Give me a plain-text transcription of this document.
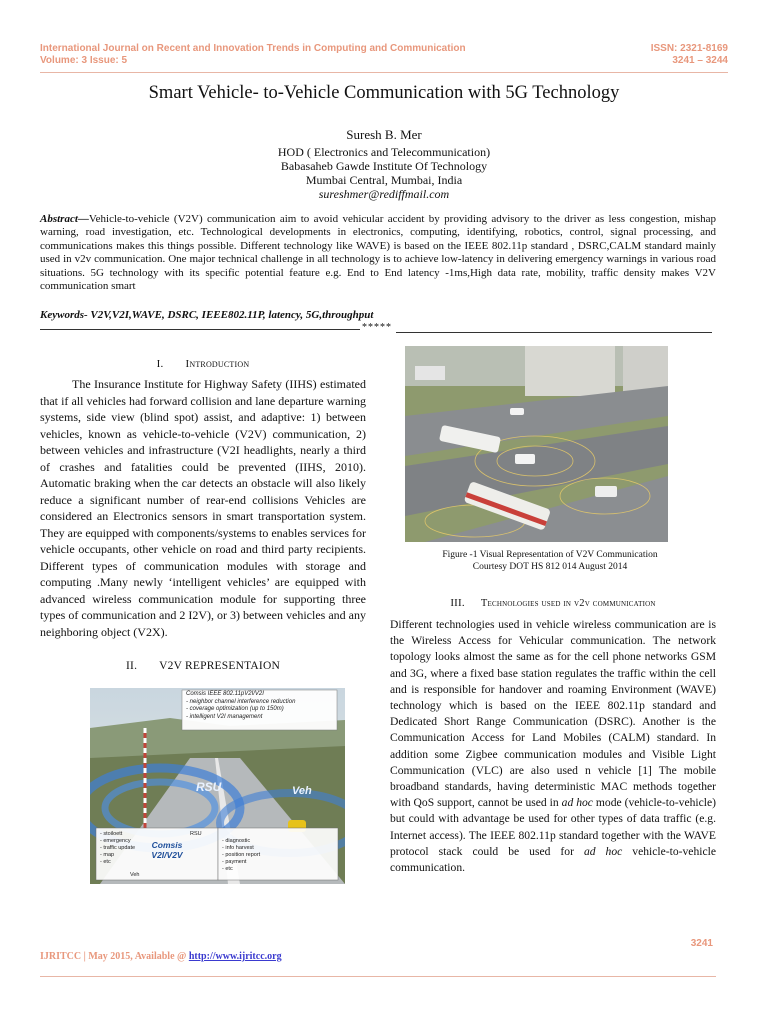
International Journal on Recent and Innovation Trends in Computing and Communication
Volume: 3 Issue: 5
ISSN: 2321-8169
3241 – 3244
Smart Vehicle- to-Vehicle Communication with 5G Technology
Suresh B. Mer
HOD ( Electronics and Telecommunication)
Babasaheb Gawde Institute Of Technology
Mumbai Central, Mumbai, India
sureshmer@rediffmail.com
Abstract—Vehicle-to-vehicle (V2V) communication aim to avoid vehicular accident by providing advisory to the driver as less congestion, mishap warning, road investigation, etc. Technological developments in electronics, computing, identifying, robotics, control, signal processing, and communications makes this things possible. Different technology like WAVE) is based on the IEEE 802.11p standard , DSRC,CALM standard mainly used in v2v communication. One major technical challenge in all technology is to achieve low-latency in delivering emergency warnings in various road situations. 5G technology with its specific potential feature e.g. End to End latency -1ms,High data rate, mobility, traffic density makes V2V communication smart
Keywords- V2V,V2I,WAVE, DSRC, IEEE802.11P, latency, 5G,throughput
*****
I. Introduction
The Insurance Institute for Highway Safety (IIHS) estimated that if all vehicles had forward collision and lane departure warning systems, side view (blind spot) assist, and adaptive: 1) between vehicles, known as vehicle-to-vehicle (V2V) communication, 2) between vehicles and infrastructure (V2I headlights, nearly a third of crashes and fatalities could be prevented (IIHS, 2010). Automatic braking when the car detects an obstacle will also likely reduce a significant number of rear-end collisions Vehicles are considered an Electronics sensors in smart transportation system. They are equipped with components/systems to enables services for vehicle occupants, other vehicle on road and third party recipients. Different types of communication modules with storage and computing .Many newly ‘intelligent vehicles’ are equipped with advanced wireless communication module for supporting three types of communication and 2 I2V), or 3) between vehicles and any neighboring object (V2X).
II. V2V REPRESENTAION
Comsis IEEE 802.11pV2I/V2I
- neighbor channel interference reduction
- coverage optimization (up to 150m)
- intelligent V2I management
RSU	Veh
- stoiloett
- emergency
- traffic update
- map
- etc
Comsis V2I/V2V
Veh
RSU
- diagnostic
- info harvest
- position report
- payment
- etc
Figure -1 Visual Representation of V2V Communication
Courtesy DOT HS 812 014 August 2014
III. Technologies used in v2v communication
Different technologies used in vehicle wireless communication are is the Wireless Access for Vehicular communication. The network topology looks almost the same as for the cell phone networks GSM and 3G, where a fixed base station regulates the traffic within the cell and is responsible for handover and roaming Environment (WAVE) technology which is based on the IEEE 802.11p standard and Dedicated Short Range Communication (DSRC). Another is the Communication Access for Land Mobiles (CALM) standard. In addition some Zigbee communication modules and Visible Light Communication (VLC) are also used n vehicle [1] The mobile broadband standards, having deterministic MAC methods together with QoS support, cannot be used in ad hoc mode (vehicle-to-vehicle) but could with advantage be used for other types of data traffic (e.g. Internet access). The IEEE 802.11p standard together with the WAVE protocol stack could be used for ad hoc vehicle-to-vehicle communication.
3241
IJRITCC | May 2015, Available @ http://www.ijritcc.org
